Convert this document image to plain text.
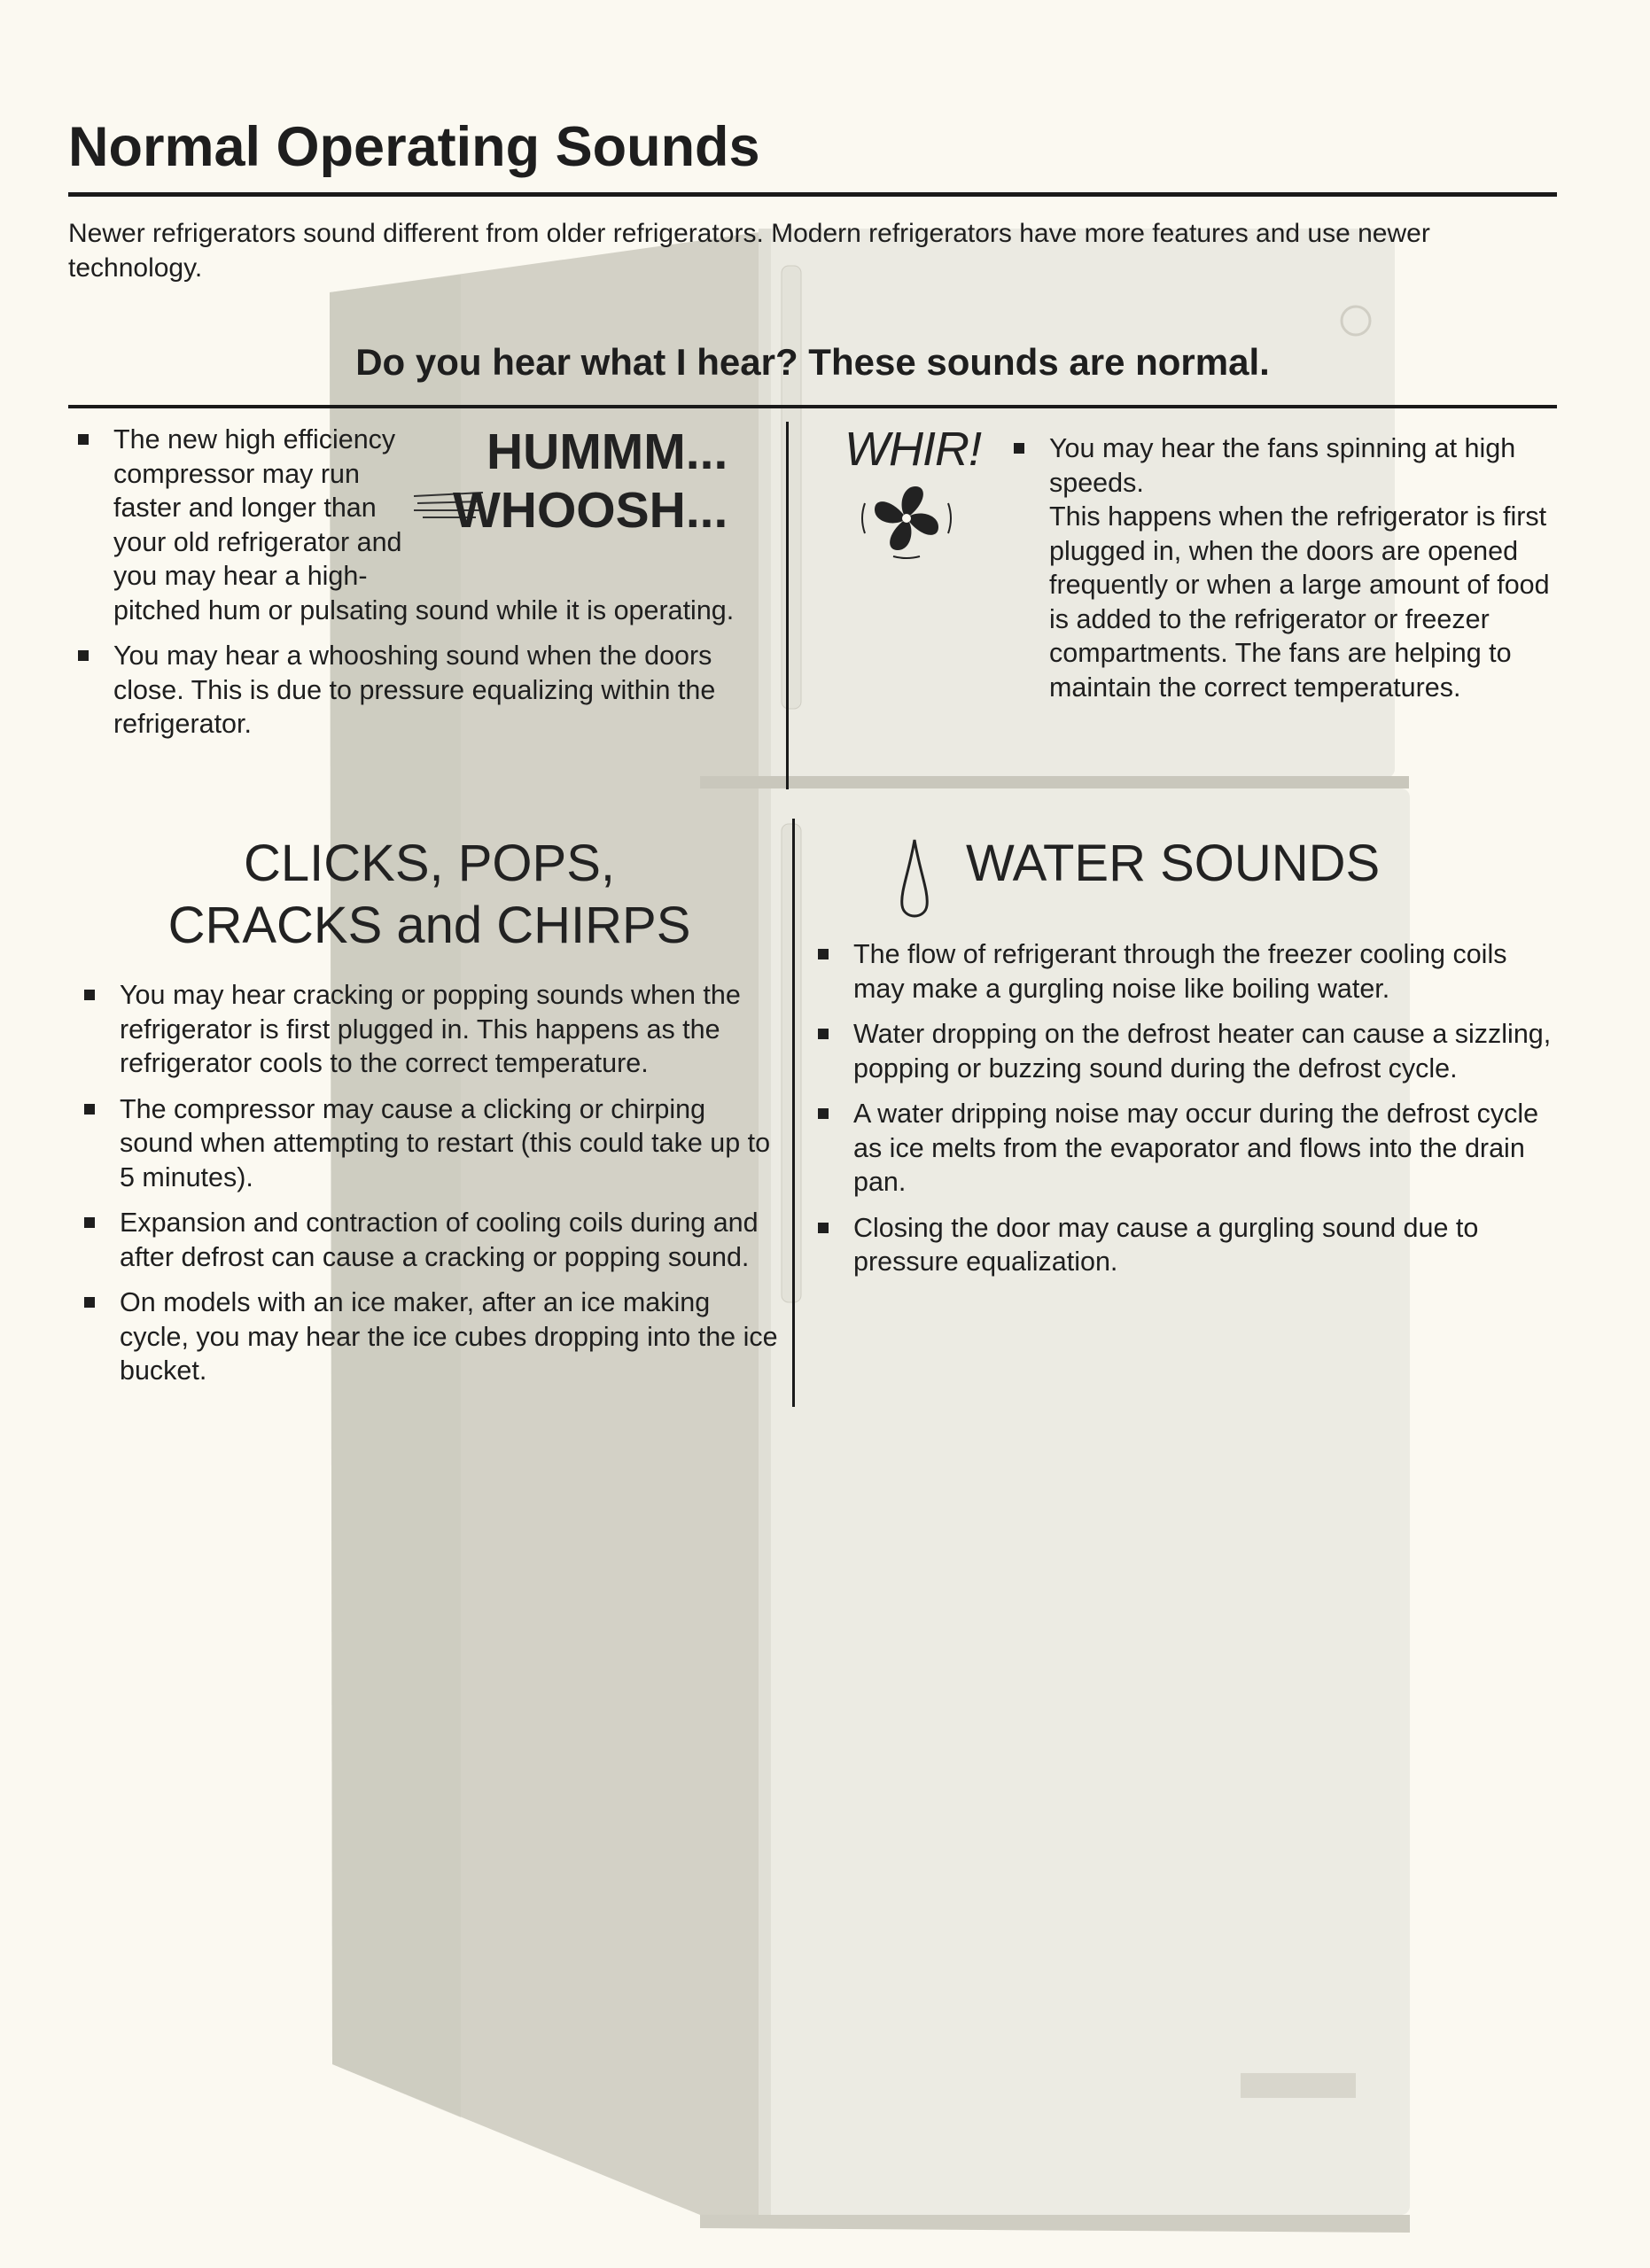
Normal Operating Sounds

Newer refrigerators sound different from older refrigerators. Modern refrigerators have more features and use newer technology.

Do you hear what I hear? These sounds are normal.
HUMMM...
WHOOSH...
The new high efficiency compressor may run faster and longer than your old refrigerator and you may hear a high-pitched hum or pulsating sound while it is operating.
You may hear a whooshing sound when the doors close. This is due to pressure equalizing within the refrigerator.
WHIR!	You may hear the fans spinning at high speeds.
This happens when the refrigerator is first plugged in, when the doors are opened frequently or when a large amount of food is added to the refrigerator or freezer compartments. The fans are helping to maintain the correct temperatures.
CLICKS, POPS,
CRACKS and CHIRPS
You may hear cracking or popping sounds when the refrigerator is first plugged in. This happens as the refrigerator cools to the correct temperature.
The compressor may cause a clicking or chirping sound when attempting to restart (this could take up to 5 minutes).
Expansion and contraction of cooling coils during and after defrost can cause a cracking or popping sound.
On models with an ice maker, after an ice making cycle, you may hear the ice cubes dropping into the ice bucket.
WATER SOUNDS
The flow of refrigerant through the freezer cooling coils may make a gurgling noise like boiling water.
Water dropping on the defrost heater can cause a sizzling, popping or buzzing sound during the defrost cycle.
A water dripping noise may occur during the defrost cycle as ice melts from the evaporator and flows into the drain pan.
Closing the door may cause a gurgling sound due to pressure equalization.
